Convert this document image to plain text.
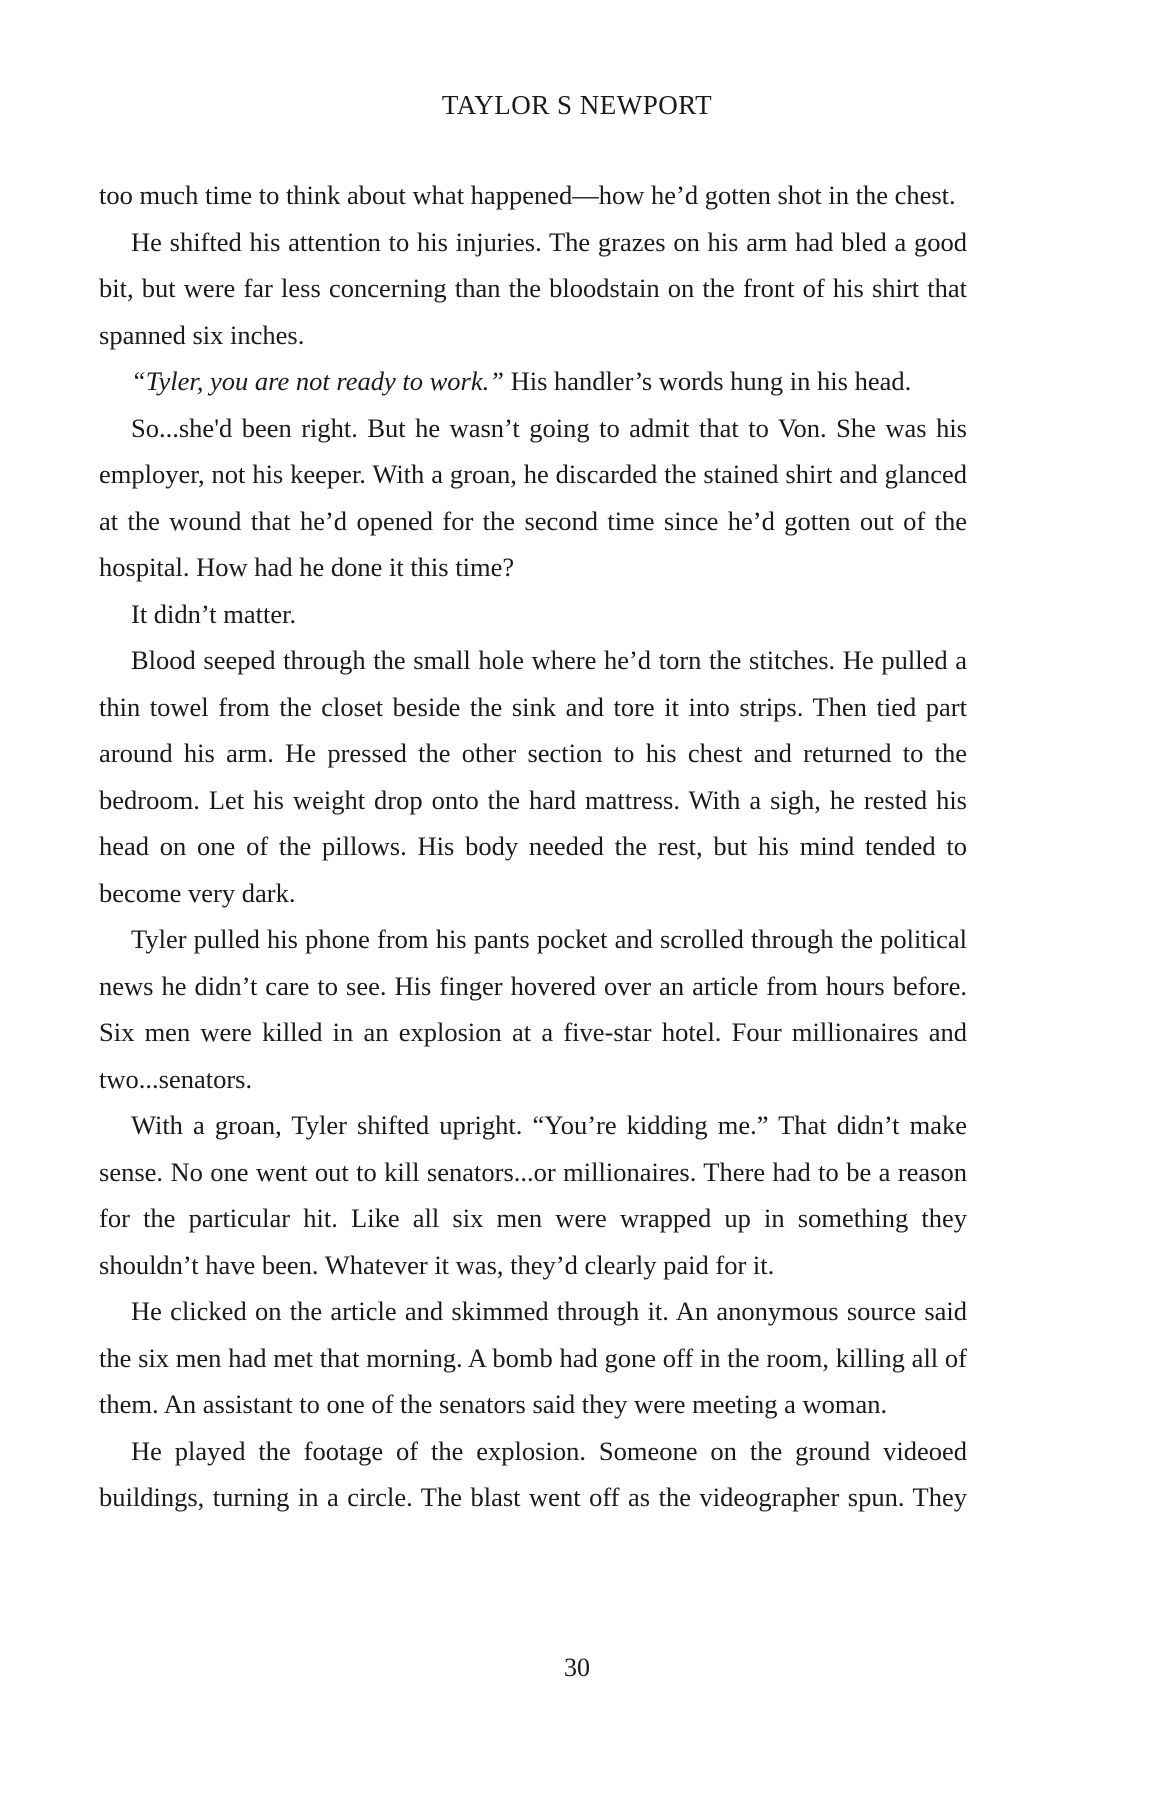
TAYLOR S NEWPORT

too much time to think about what happened—how he’d gotten shot in the chest.

He shifted his attention to his injuries. The grazes on his arm had bled a good bit, but were far less concerning than the bloodstain on the front of his shirt that spanned six inches.

“Tyler, you are not ready to work.” His handler’s words hung in his head.

So...she'd been right. But he wasn’t going to admit that to Von. She was his employer, not his keeper. With a groan, he discarded the stained shirt and glanced at the wound that he’d opened for the second time since he’d gotten out of the hospital. How had he done it this time?

It didn’t matter.

Blood seeped through the small hole where he’d torn the stitches. He pulled a thin towel from the closet beside the sink and tore it into strips. Then tied part around his arm. He pressed the other section to his chest and returned to the bedroom. Let his weight drop onto the hard mattress. With a sigh, he rested his head on one of the pillows. His body needed the rest, but his mind tended to become very dark.

Tyler pulled his phone from his pants pocket and scrolled through the political news he didn’t care to see. His finger hovered over an article from hours before. Six men were killed in an explosion at a five-star hotel. Four millionaires and two...senators.

With a groan, Tyler shifted upright. “You’re kidding me.” That didn’t make sense. No one went out to kill senators...or millionaires. There had to be a reason for the particular hit. Like all six men were wrapped up in something they shouldn’t have been. Whatever it was, they’d clearly paid for it.

He clicked on the article and skimmed through it. An anonymous source said the six men had met that morning. A bomb had gone off in the room, killing all of them. An assistant to one of the senators said they were meeting a woman.

He played the footage of the explosion. Someone on the ground videoed buildings, turning in a circle. The blast went off as the videographer spun. They

30
